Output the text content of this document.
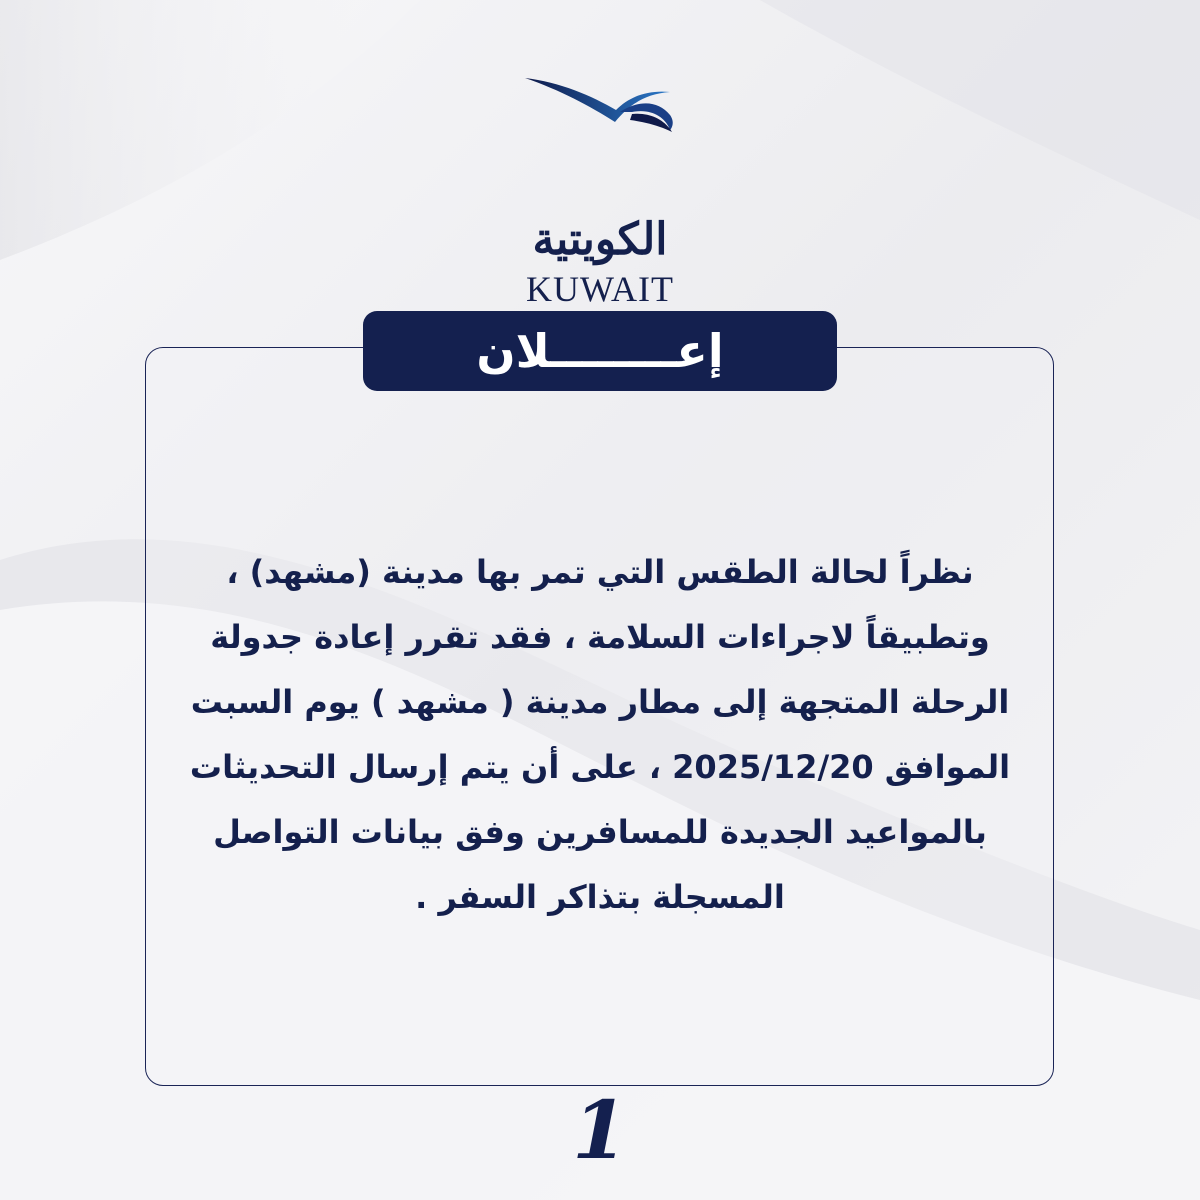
الكويتية
KUWAIT
إعــــــــلان
نظراً لحالة الطقس التي تمر بها مدينة (مشهد) ،
وتطبيقاً لاجراءات السلامة ، فقد تقرر إعادة جدولة
الرحلة المتجهة إلى مطار مدينة ( مشهد ) يوم السبت
الموافق 2025/12/20 ، على أن يتم إرسال التحديثات
بالمواعيد الجديدة للمسافرين وفق بيانات التواصل
المسجلة بتذاكر السفر .
1
